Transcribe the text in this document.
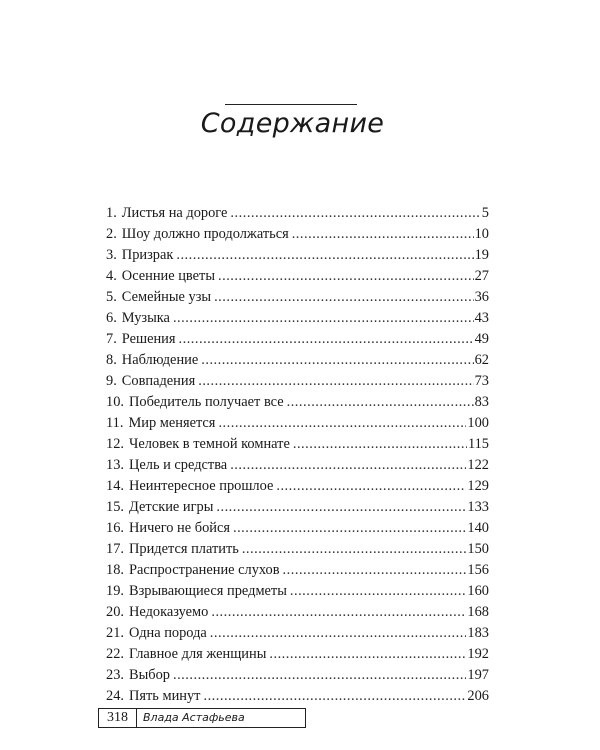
Содержание
1. Листья на дороге .....	5
2. Шоу должно продолжаться .....	10
3. Призрак .....	19
4. Осенние цветы .....	27
5. Семейные узы .....	36
6. Музыка .....	43
7. Решения .....	49
8. Наблюдение .....	62
9. Совпадения .....	73
10. Победитель получает все .....	83
11. Мир меняется .....	100
12. Человек в темной комнате .....	115
13. Цель и средства .....	122
14. Неинтересное прошлое .....	129
15. Детские игры .....	133
16. Ничего не бойся .....	140
17. Придется платить .....	150
18. Распространение слухов .....	156
19. Взрывающиеся предметы .....	160
20. Недоказуемо .....	168
21. Одна порода .....	183
22. Главное для женщины .....	192
23. Выбор .....	197
24. Пять минут .....	206
318	Влада Астафьева
